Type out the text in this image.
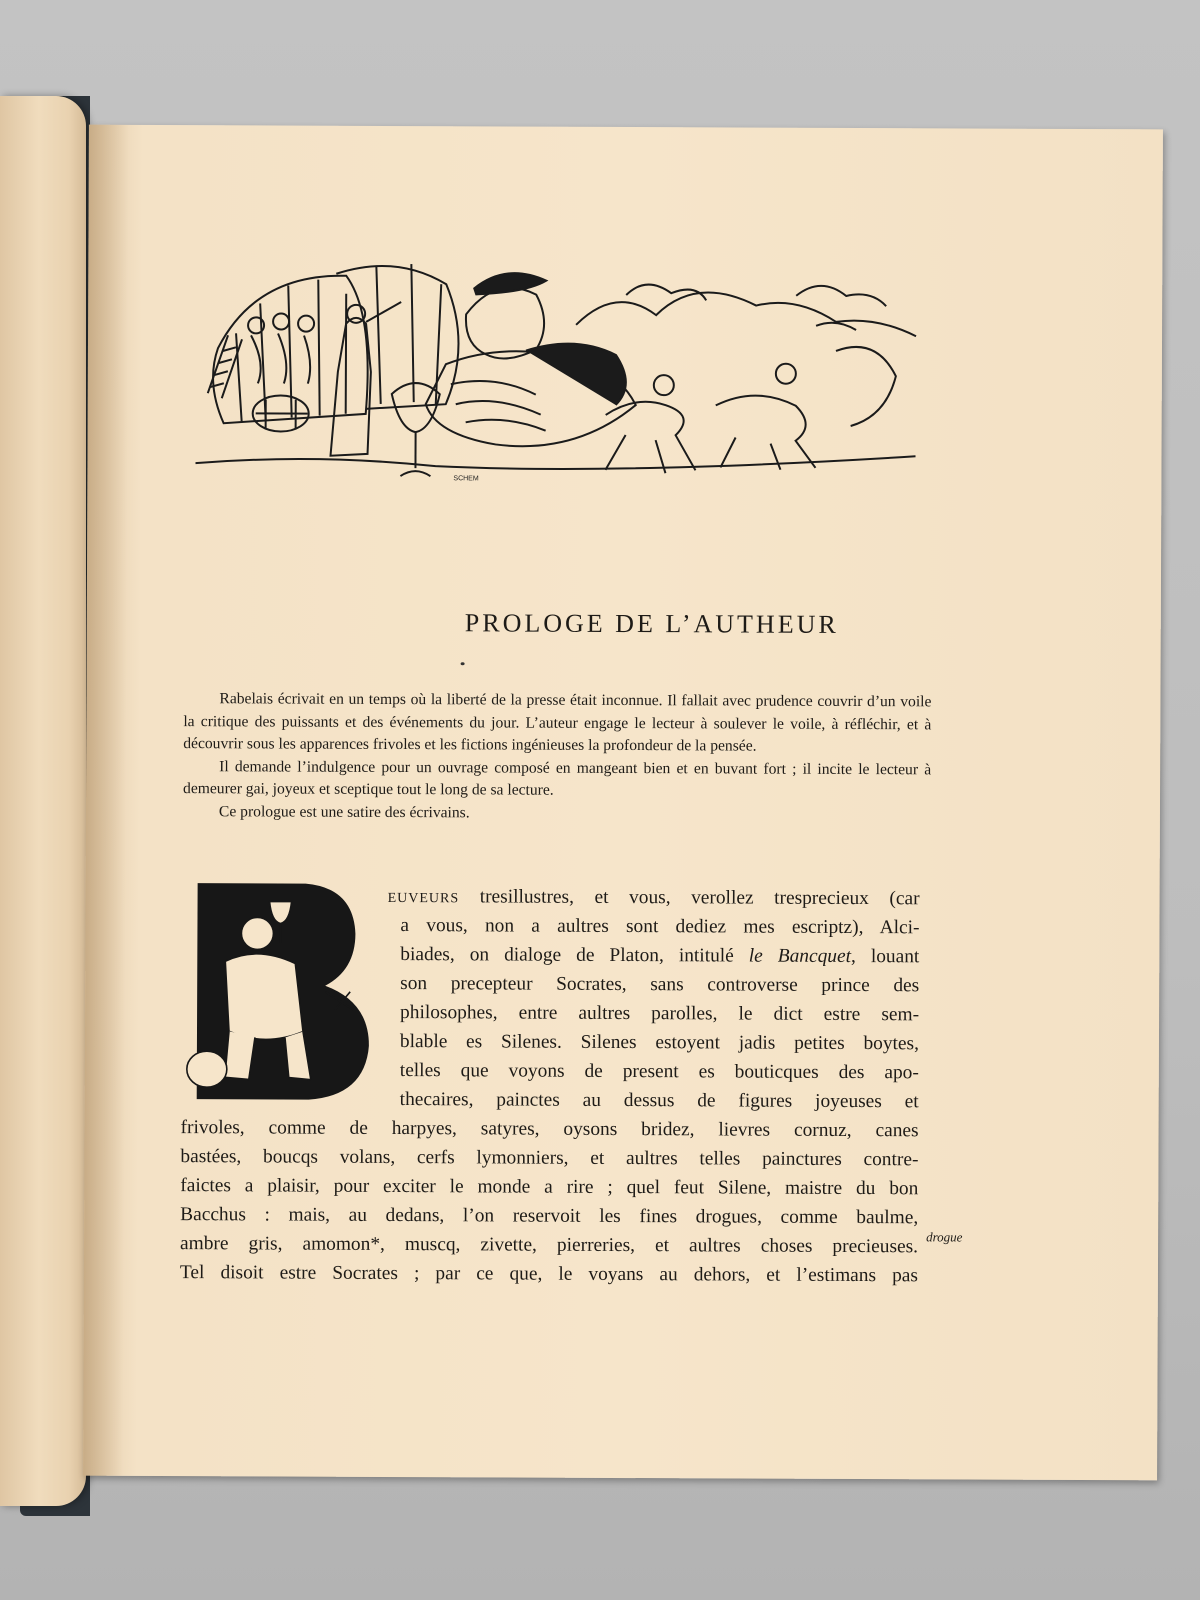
SCHEM
PROLOGE DE L’AUTHEUR

Rabelais écrivait en un temps où la liberté de la presse était inconnue. Il fallait avec prudence couvrir d’un voile la critique des puissants et des événements du jour. L’auteur engage le lecteur à soulever le voile, à réfléchir, et à découvrir sous les apparences frivoles et les fictions ingénieuses la profondeur de la pensée.

Il demande l’indulgence pour un ouvrage composé en mangeant bien et en buvant fort ; il incite le lecteur à demeurer gai, joyeux et sceptique tout le long de sa lecture.

Ce prologue est une satire des écrivains.

B
euveurs tresillustres, et vous, verollez tresprecieux (car
a vous, non a aultres sont dediez mes escriptz), Alci-
biades, on dialoge de Platon, intitulé le Bancquet, louant
son precepteur Socrates, sans controverse prince des
philosophes, entre aultres parolles, le dict estre sem-
blable es Silenes. Silenes estoyent jadis petites boytes,
telles que voyons de present es bouticques des apo-
thecaires, painctes au dessus de figures joyeuses et
frivoles, comme de harpyes, satyres, oysons bridez, lievres cornuz, canes
bastées, boucqs volans, cerfs lymonniers, et aultres telles painctures contre-
faictes a plaisir, pour exciter le monde a rire ; quel feut Silene, maistre du bon
Bacchus : mais, au dedans, l’on reservoit les fines drogues, comme baulme,
ambre gris, amomon*, muscq, zivette, pierreries, et aultres choses precieuses.
Tel disoit estre Socrates ; par ce que, le voyans au dehors, et l’estimans pas
drogue
